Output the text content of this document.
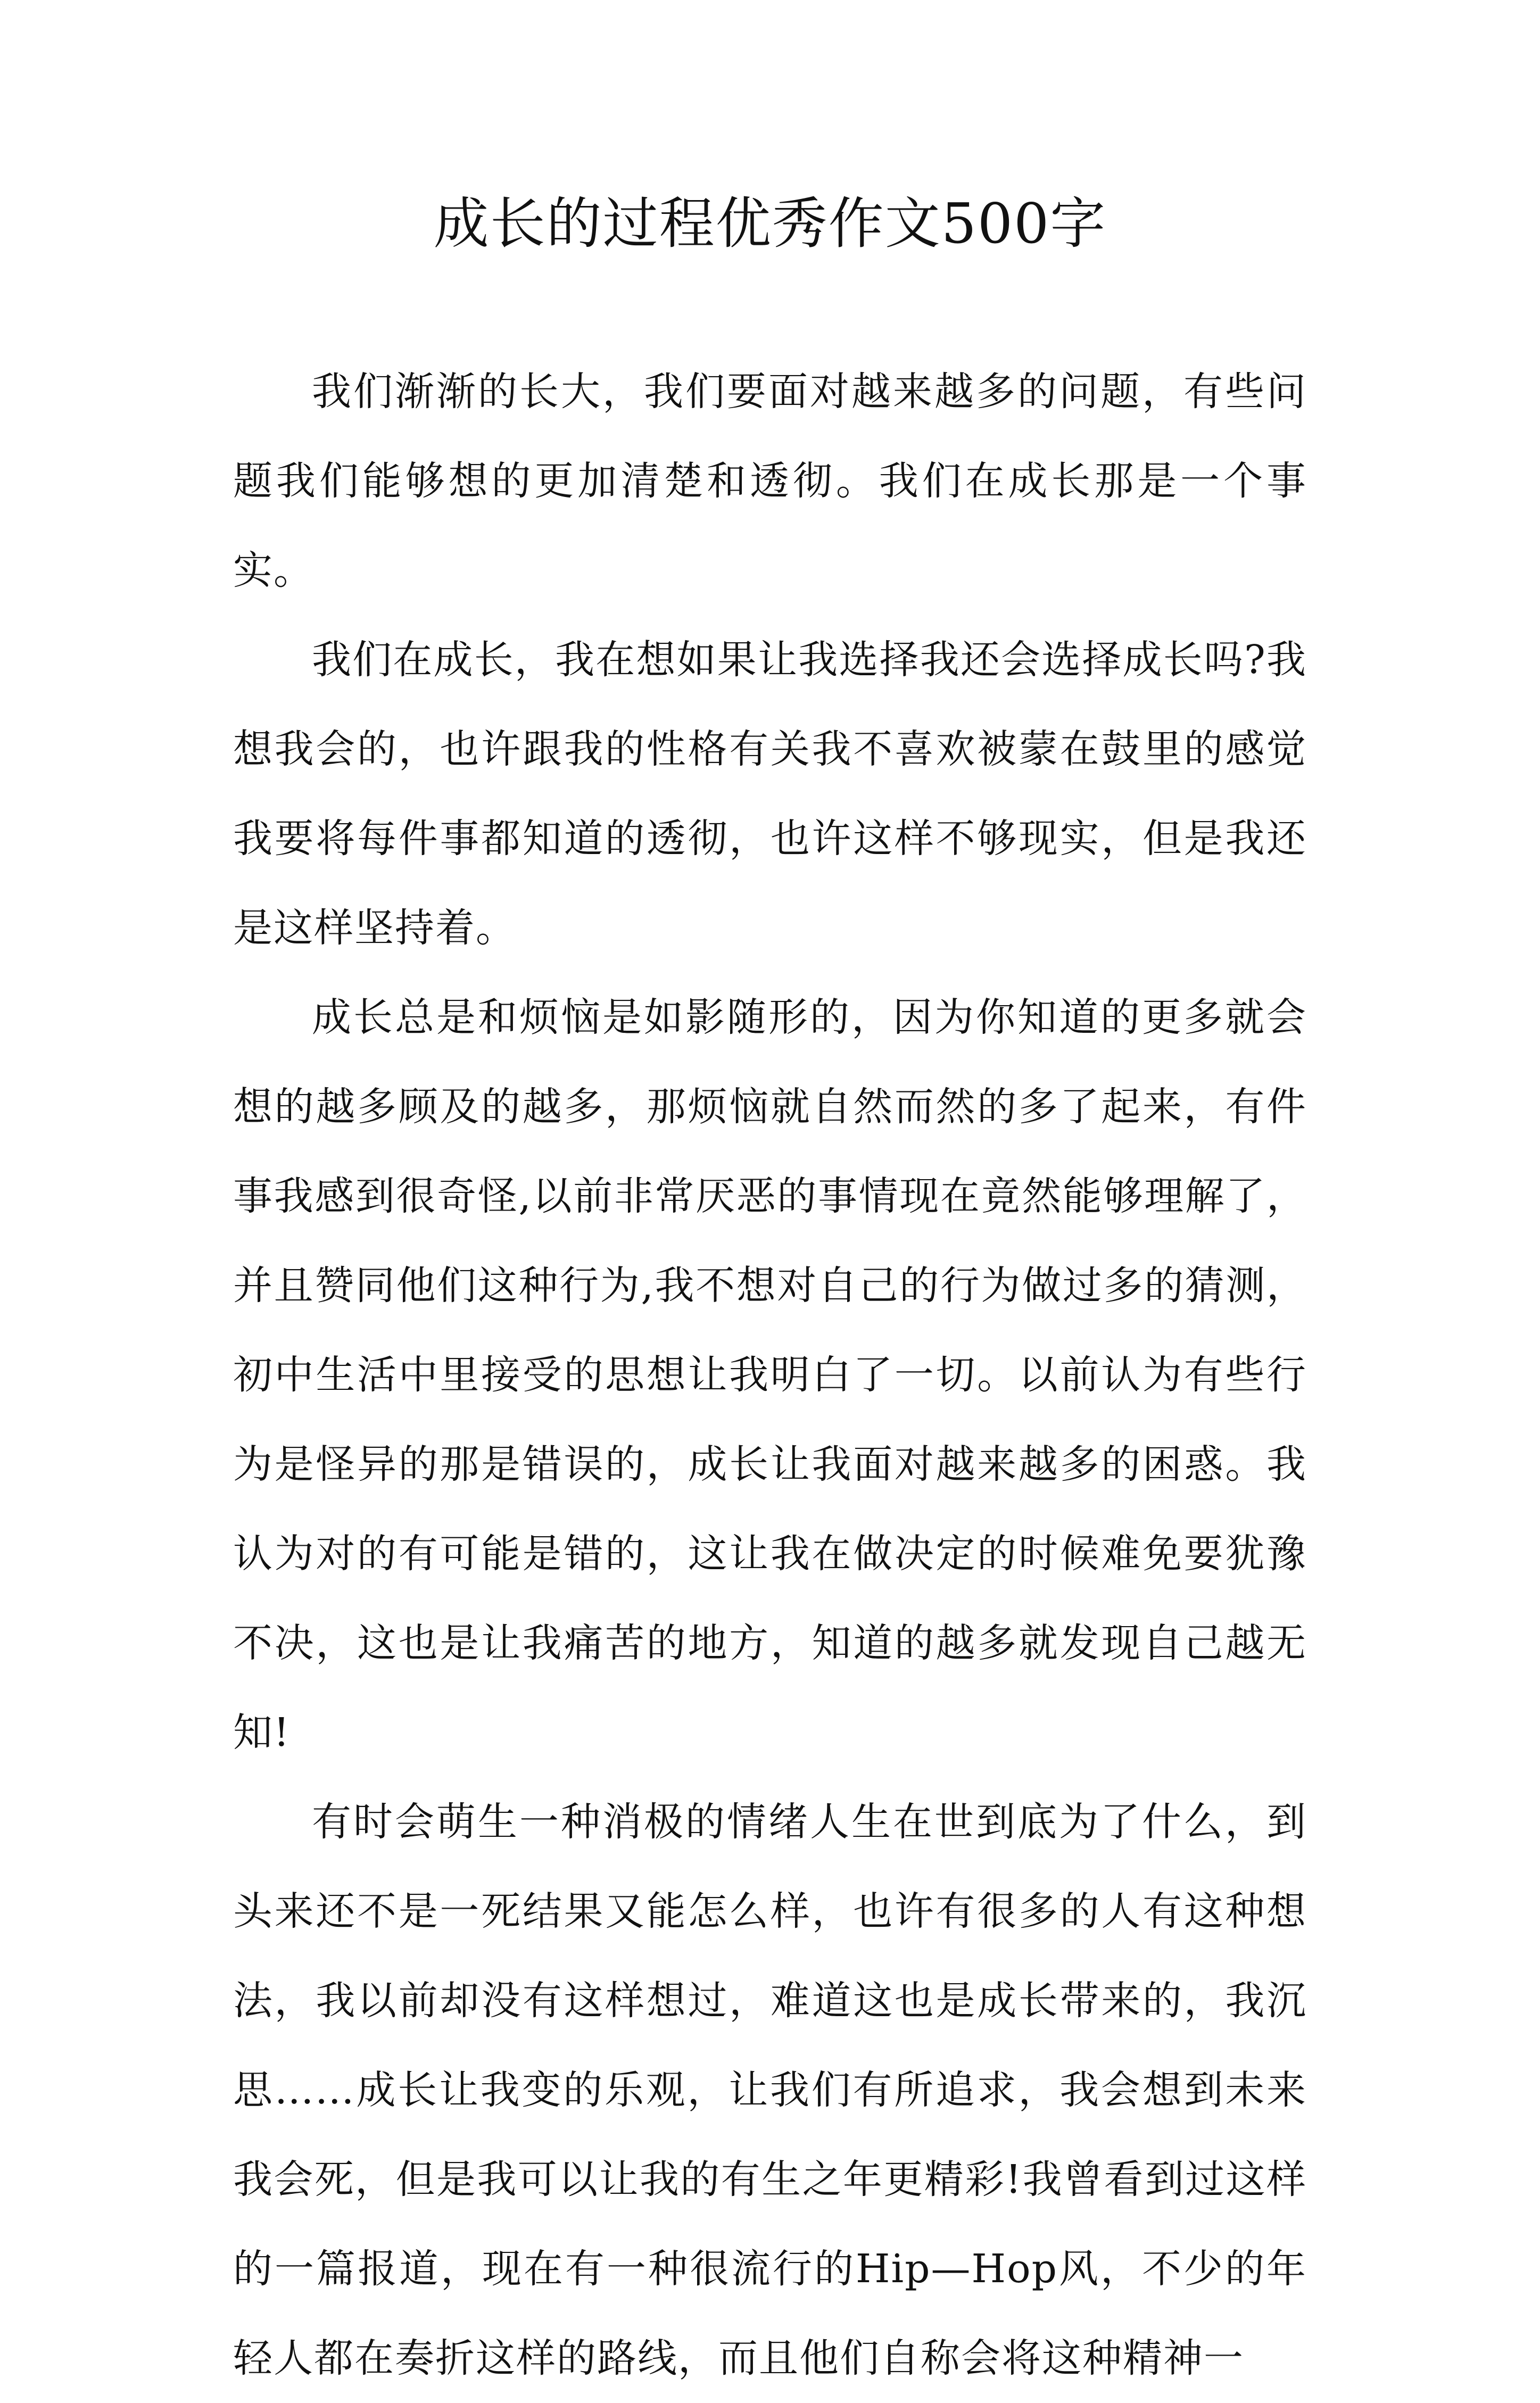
成长的过程优秀作文500字

我们渐渐的长大，我们要面对越来越多的问题，有些问题我们能够想的更加清楚和透彻。我们在成长那是一个事实。

我们在成长，我在想如果让我选择我还会选择成长吗?我想我会的，也许跟我的性格有关我不喜欢被蒙在鼓里的感觉我要将每件事都知道的透彻，也许这样不够现实，但是我还是这样坚持着。

成长总是和烦恼是如影随形的，因为你知道的更多就会想的越多顾及的越多，那烦恼就自然而然的多了起来，有件事我感到很奇怪,以前非常厌恶的事情现在竟然能够理解了，并且赞同他们这种行为,我不想对自己的行为做过多的猜测，初中生活中里接受的思想让我明白了一切。以前认为有些行为是怪异的那是错误的，成长让我面对越来越多的困惑。我认为对的有可能是错的，这让我在做决定的时候难免要犹豫不决，这也是让我痛苦的地方，知道的越多就发现自己越无知!

有时会萌生一种消极的情绪人生在世到底为了什么，到头来还不是一死结果又能怎么样，也许有很多的人有这种想法，我以前却没有这样想过，难道这也是成长带来的，我沉思……成长让我变的乐观，让我们有所追求，我会想到未来我会死，但是我可以让我的有生之年更精彩!我曾看到过这样的一篇报道，现在有一种很流行的Hip—Hop风，不少的年轻人都在奏折这样的路线，而且他们自称会将这种精神一
